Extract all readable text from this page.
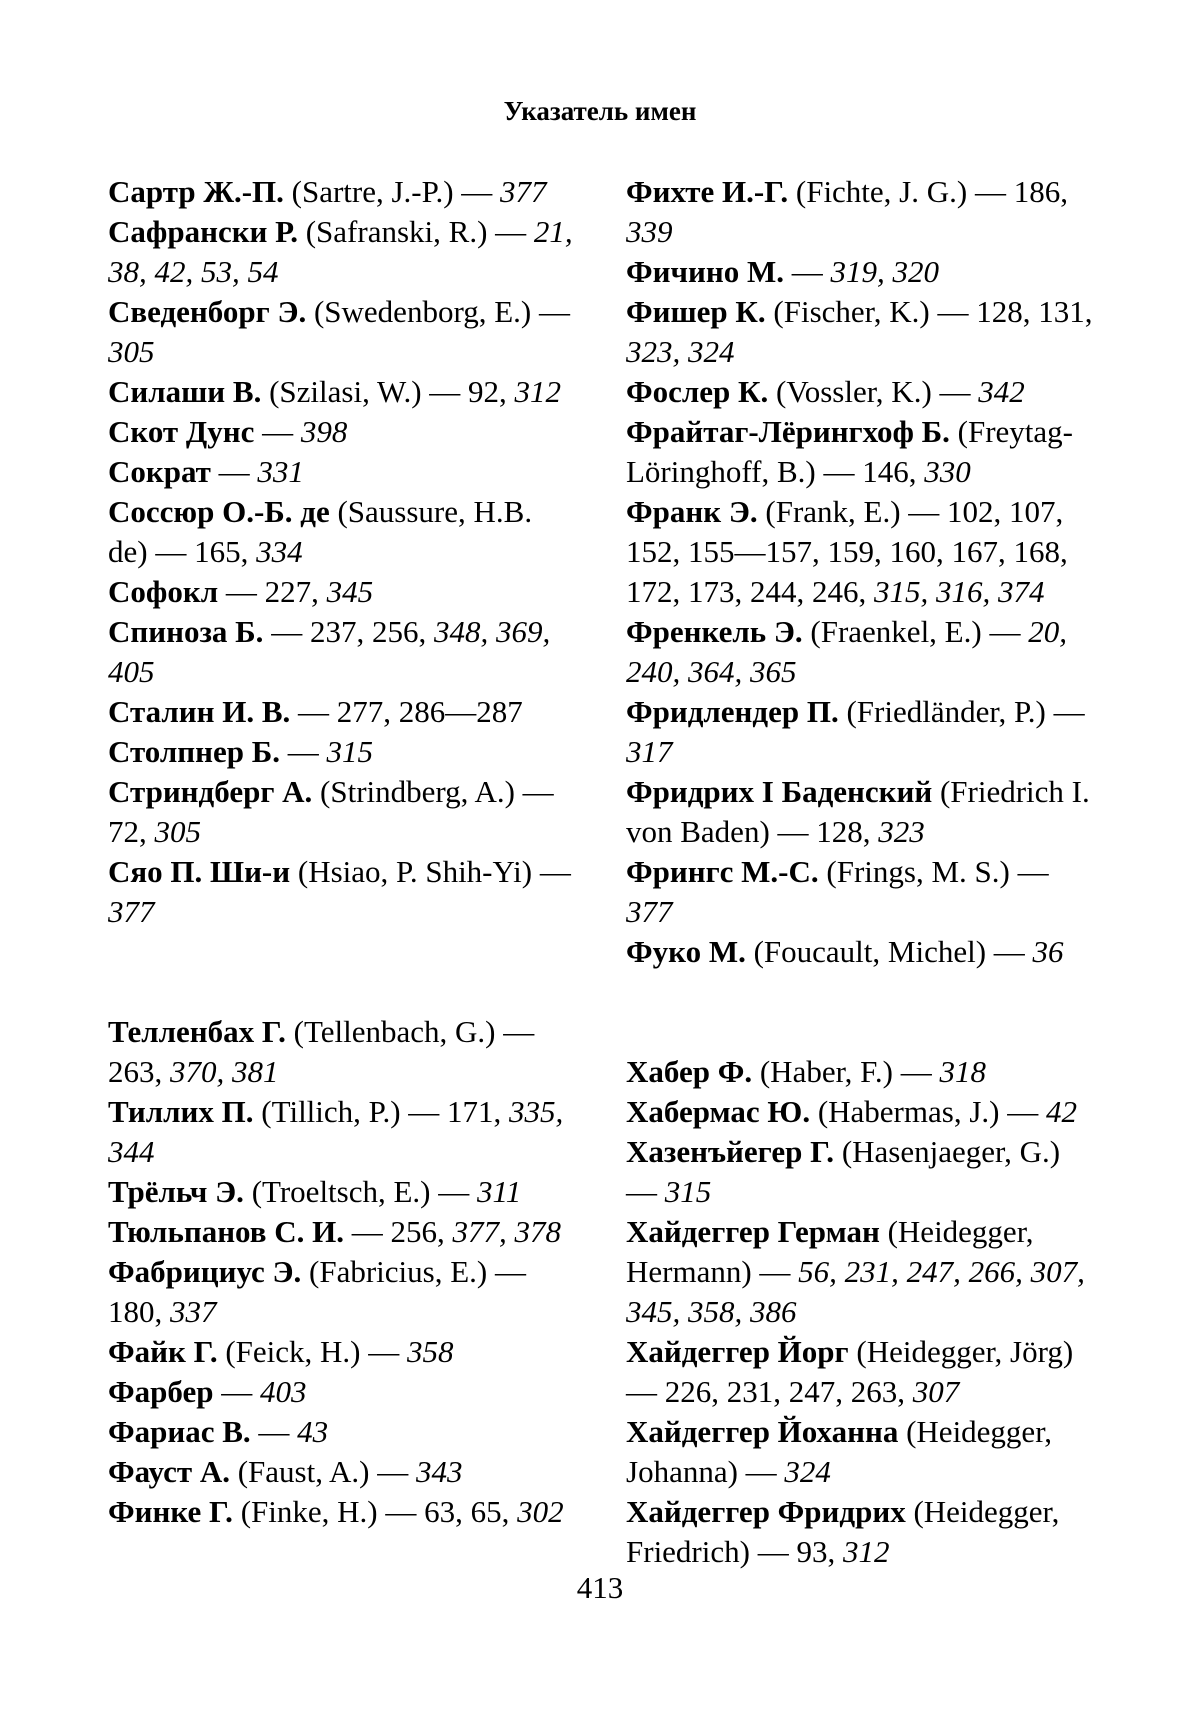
Указатель имен

Сартр Ж.-П. (Sartre, J.-P.) — 377

Сафрански Р. (Safranski, R.) — 21, 38, 42, 53, 54

Сведенборг Э. (Swedenborg, E.) — 305

Силаши В. (Szilasi, W.) — 92, 312

Скот Дунс — 398

Сократ — 331

Соссюр О.-Б. де (Saussure, H.B. de) — 165, 334

Софокл — 227, 345

Спиноза Б. — 237, 256, 348, 369, 405

Сталин И. В. — 277, 286—287

Столпнер Б. — 315

Стриндберг А. (Strindberg, A.) — 72, 305

Сяо П. Ши-и (Hsiao, P. Shih-Yi) — 377

Телленбах Г. (Tellenbach, G.) — 263, 370, 381

Тиллих П. (Tillich, P.) — 171, 335, 344

Трёльч Э. (Troeltsch, E.) — 311

Тюльпанов С. И. — 256, 377, 378

Фабрициус Э. (Fabricius, E.) — 180, 337

Файк Г. (Feick, H.) — 358

Фарбер — 403

Фариас В. — 43

Фауст А. (Faust, A.) — 343

Финке Г. (Finke, H.) — 63, 65, 302

Фихте И.-Г. (Fichte, J. G.) — 186, 339

Фичино М. — 319, 320

Фишер К. (Fischer, K.) — 128, 131, 323, 324

Фослер К. (Vossler, K.) — 342

Фрайтаг-Лёрингхоф Б. (Freytag-Löringhoff, B.) — 146, 330

Франк Э. (Frank, E.) — 102, 107, 152, 155—157, 159, 160, 167, 168, 172, 173, 244, 246, 315, 316, 374

Френкель Э. (Fraenkel, E.) — 20, 240, 364, 365

Фридлендер П. (Friedländer, P.) — 317

Фридрих I Баденский (Friedrich I. von Baden) — 128, 323

Фрингс М.-С. (Frings, M. S.) — 377

Фуко М. (Foucault, Michel) — 36

Хабер Ф. (Haber, F.) — 318

Хабермас Ю. (Habermas, J.) — 42

Хазенъйегер Г. (Hasenjaeger, G.) — 315

Хайдеггер Герман (Heidegger, Hermann) — 56, 231, 247, 266, 307, 345, 358, 386

Хайдеггер Йорг (Heidegger, Jörg) — 226, 231, 247, 263, 307

Хайдеггер Йоханна (Heidegger, Johanna) — 324

Хайдеггер Фридрих (Heidegger, Friedrich) — 93, 312

413
